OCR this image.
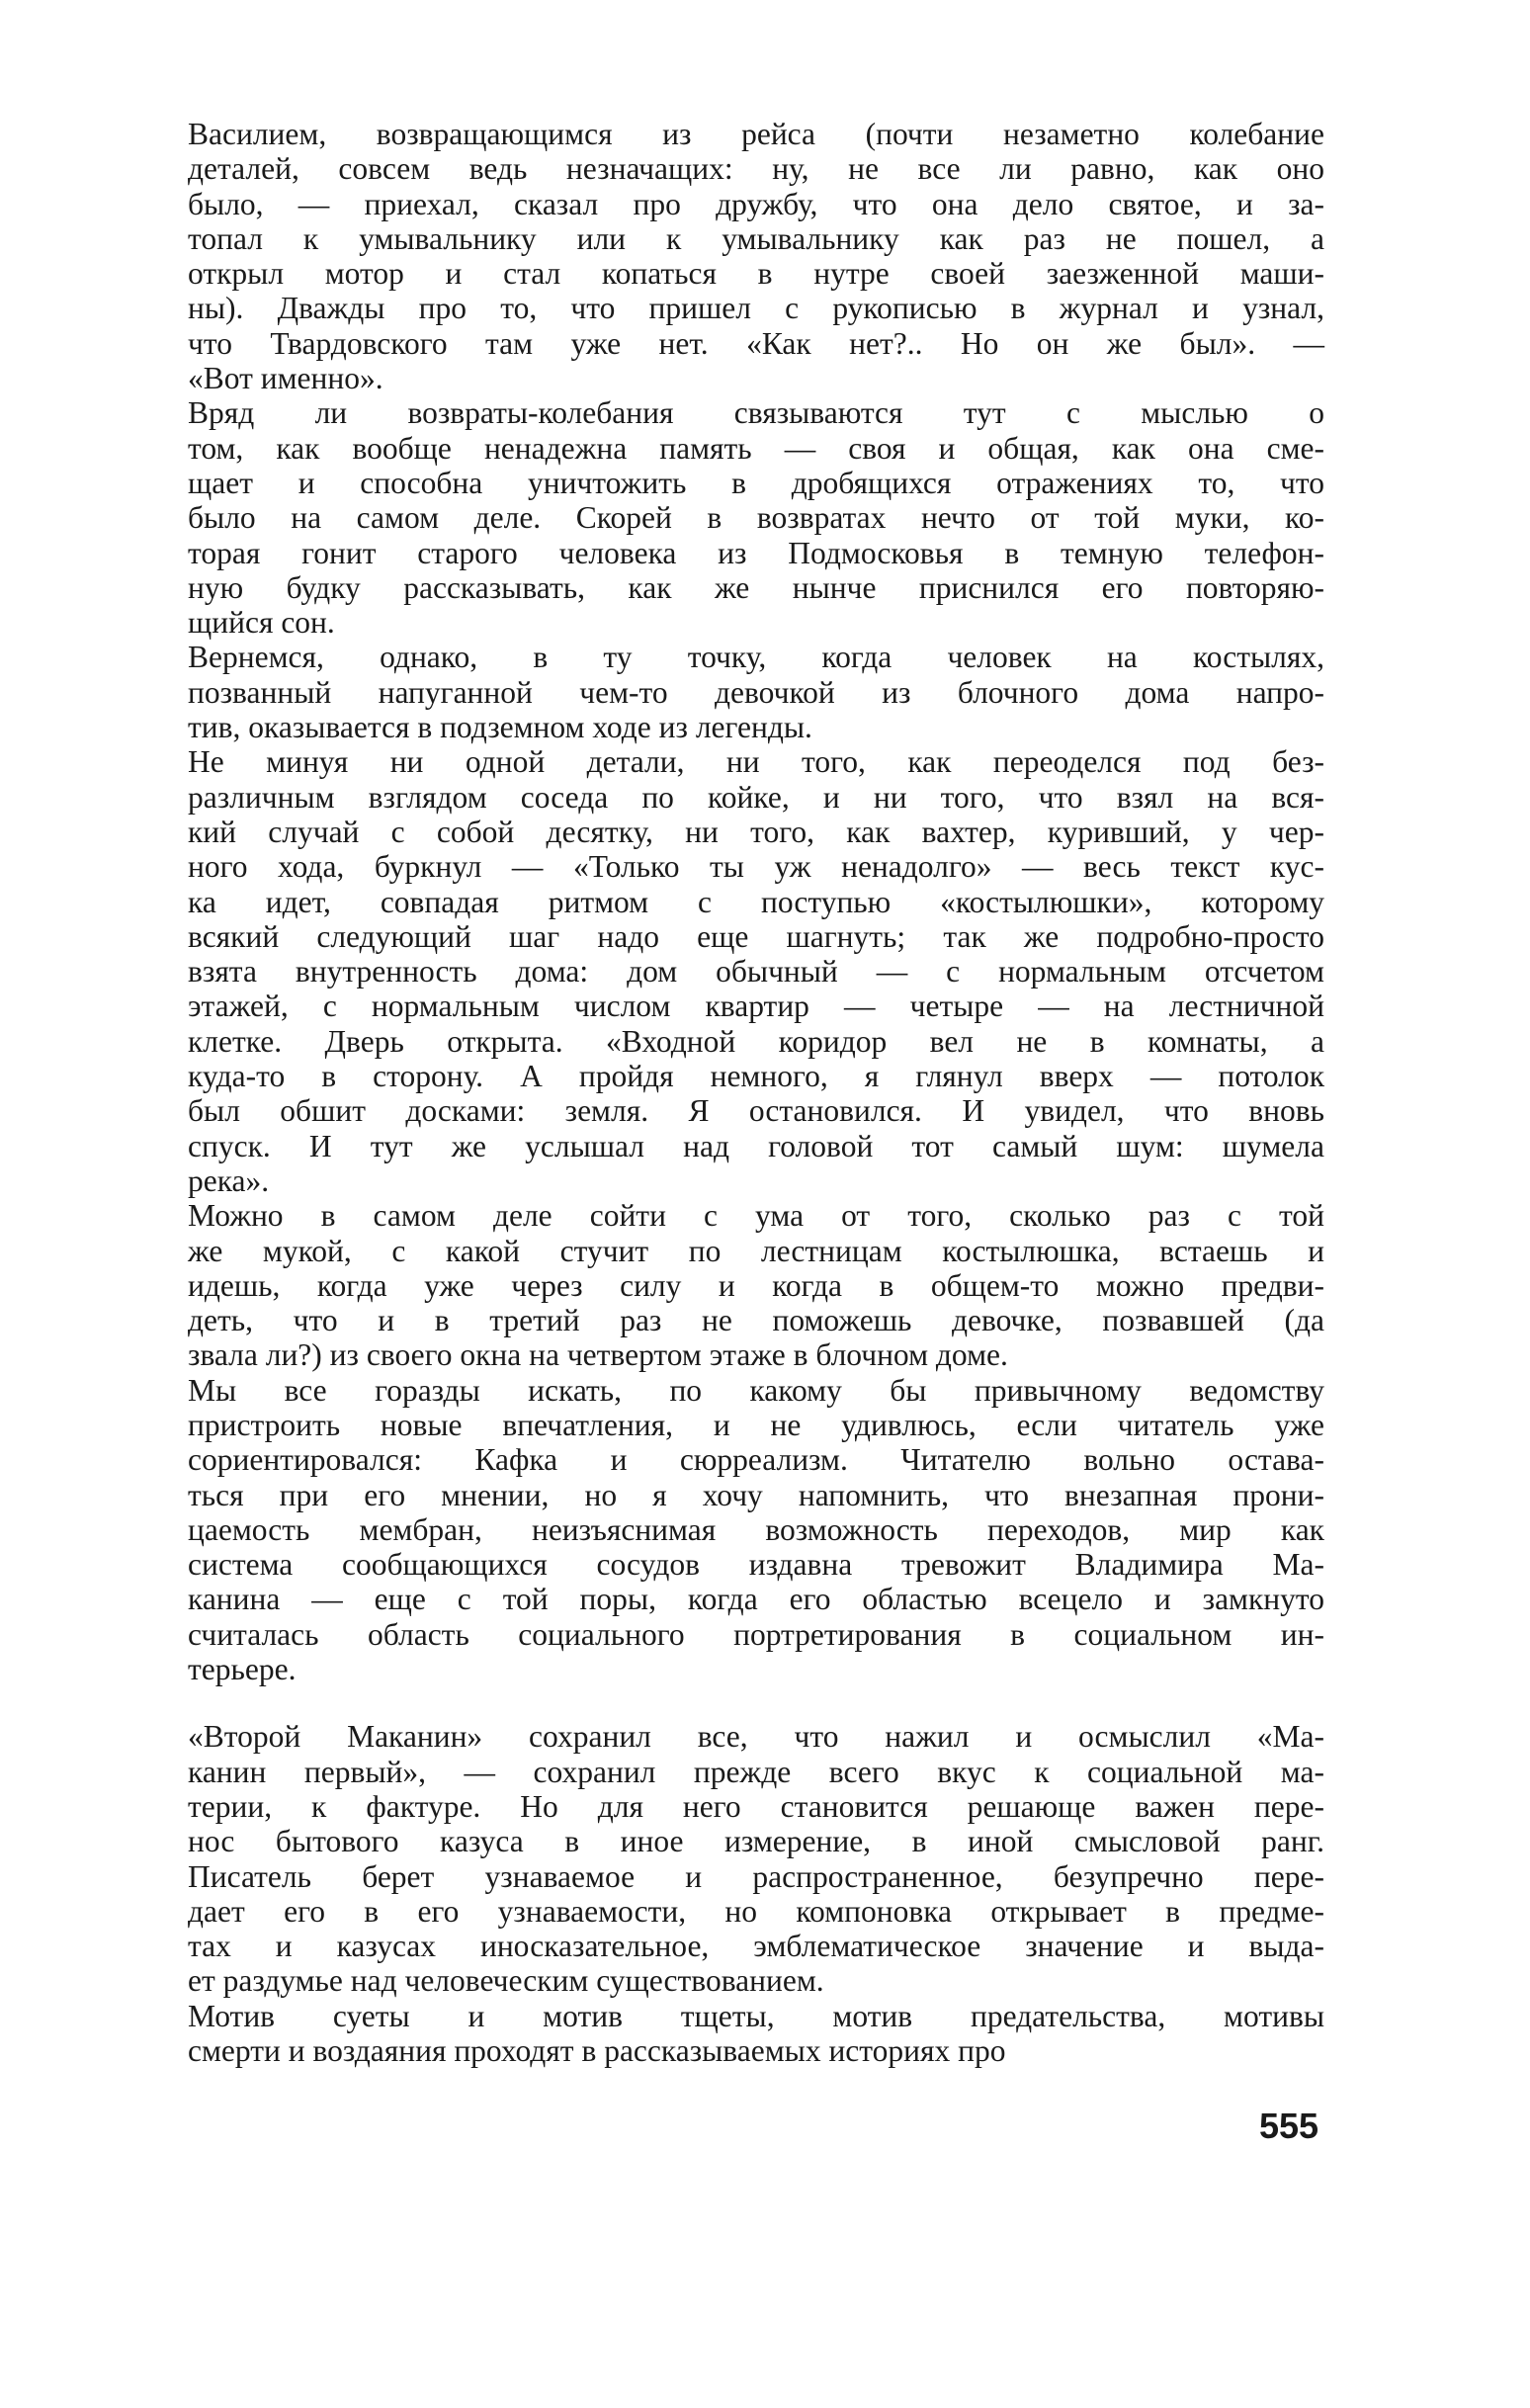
Василием, возвращающимся из рейса (почти незаметно колебание
деталей, совсем ведь незначащих: ну, не все ли равно, как оно
было, — приехал, сказал про дружбу, что она дело святое, и за-
топал к умывальнику или к умывальнику как раз не пошел, а
открыл мотор и стал копаться в нутре своей заезженной маши-
ны). Дважды про то, что пришел с рукописью в журнал и узнал,
что Твардовского там уже нет. «Как нет?.. Но он же был». —
«Вот именно».
Вряд ли возвраты-колебания связываются тут с мыслью о
том, как вообще ненадежна память — своя и общая, как она сме-
щает и способна уничтожить в дробящихся отражениях то, что
было на самом деле. Скорей в возвратах нечто от той муки, ко-
торая гонит старого человека из Подмосковья в темную телефон-
ную будку рассказывать, как же нынче приснился его повторяю-
щийся сон.
Вернемся, однако, в ту точку, когда человек на костылях,
позванный напуганной чем-то девочкой из блочного дома напро-
тив, оказывается в подземном ходе из легенды.
Не минуя ни одной детали, ни того, как переоделся под без-
различным взглядом соседа по койке, и ни того, что взял на вся-
кий случай с собой десятку, ни того, как вахтер, куривший, у чер-
ного хода, буркнул — «Только ты уж ненадолго» — весь текст кус-
ка идет, совпадая ритмом с поступью «костылюшки», которому
всякий следующий шаг надо еще шагнуть; так же подробно-просто
взята внутренность дома: дом обычный — с нормальным отсчетом
этажей, с нормальным числом квартир — четыре — на лестничной
клетке. Дверь открыта. «Входной коридор вел не в комнаты, а
куда-то в сторону. А пройдя немного, я глянул вверх — потолок
был обшит досками: земля. Я остановился. И увидел, что вновь
спуск. И тут же услышал над головой тот самый шум: шумела
река».
Можно в самом деле сойти с ума от того, сколько раз с той
же мукой, с какой стучит по лестницам костылюшка, встаешь и
идешь, когда уже через силу и когда в общем-то можно предви-
деть, что и в третий раз не поможешь девочке, позвавшей (да
звала ли?) из своего окна на четвертом этаже в блочном доме.
Мы все горазды искать, по какому бы привычному ведомству
пристроить новые впечатления, и не удивлюсь, если читатель уже
сориентировался: Кафка и сюрреализм. Читателю вольно остава-
ться при его мнении, но я хочу напомнить, что внезапная прони-
цаемость мембран, неизъяснимая возможность переходов, мир как
система сообщающихся сосудов издавна тревожит Владимира Ма-
канина — еще с той поры, когда его областью всецело и замкнуто
считалась область социального портретирования в социальном ин-
терьере.
«Второй Маканин» сохранил все, что нажил и осмыслил «Ма-
канин первый», — сохранил прежде всего вкус к социальной ма-
терии, к фактуре. Но для него становится решающе важен пере-
нос бытового казуса в иное измерение, в иной смысловой ранг.
Писатель берет узнаваемое и распространенное, безупречно пере-
дает его в его узнаваемости, но компоновка открывает в предме-
тах и казусах иносказательное, эмблематическое значение и выда-
ет раздумье над человеческим существованием.
Мотив суеты и мотив тщеты, мотив предательства, мотивы
смерти и воздаяния проходят в рассказываемых историях про
555
